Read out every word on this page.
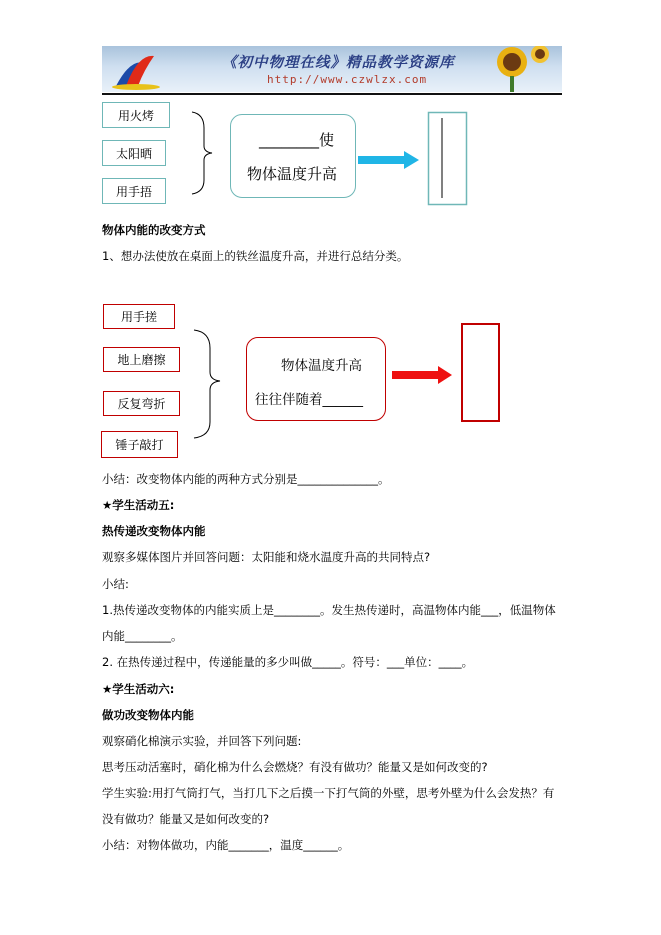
《初中物理在线》精品教学资源库
http://www.czwlzx.com
用火烤
太阳晒
用手捂
________使
物体温度升高
物体内能的改变方式
1、想办法使放在桌面上的铁丝温度升高，并进行总结分类。
用手搓
地上磨擦
反复弯折
锤子敲打
物体温度升高
往往伴随着______
小结：改变物体内能的两种方式分别是______________。
★学生活动五:
热传递改变物体内能
观察多媒体图片并回答问题：太阳能和烧水温度升高的共同特点?
小结:
1.热传递改变物体的内能实质上是________。发生热传递时，高温物体内能___，低温物体
内能________。
2. 在热传递过程中，传递能量的多少叫做_____。符号：___单位：____。
★学生活动六:
做功改变物体内能
观察硝化棉演示实验，并回答下列问题:
思考压动活塞时，硝化棉为什么会燃烧？有没有做功？能量又是如何改变的?
学生实验:用打气筒打气，当打几下之后摸一下打气筒的外壁，思考外壁为什么会发热？有
没有做功？能量又是如何改变的?
小结：对物体做功，内能_______，温度______。
